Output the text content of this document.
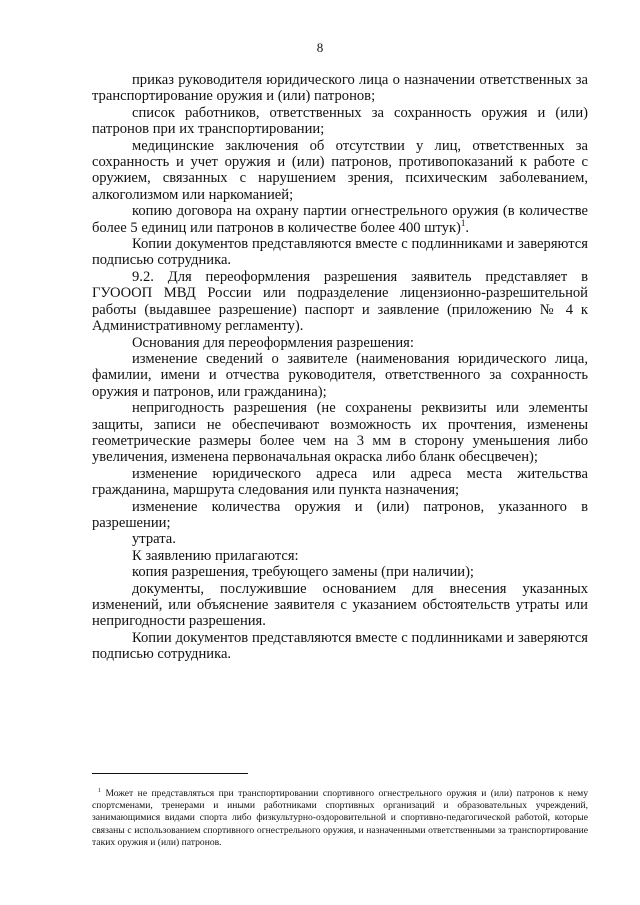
8

приказ руководителя юридического лица о назначении ответственных за транспортирование оружия и (или) патронов;

список работников, ответственных за сохранность оружия и (или) патронов при их транспортировании;

медицинские заключения об отсутствии у лиц, ответственных за сохранность и учет оружия и (или) патронов, противопоказаний к работе с оружием, связанных с нарушением зрения, психическим заболеванием, алкоголизмом или наркоманией;

копию договора на охрану партии огнестрельного оружия (в количестве более 5 единиц или патронов в количестве более 400 штук)$^1$.

Копии документов представляются вместе с подлинниками и заверяются подписью сотрудника.

9.2. Для переоформления разрешения заявитель представляет в ГУОООП МВД России или подразделение лицензионно-разрешительной работы (выдавшее разрешение) паспорт и заявление (приложению № 4 к Административному регламенту).

Основания для переоформления разрешения:

изменение сведений о заявителе (наименования юридического лица, фамилии, имени и отчества руководителя, ответственного за сохранность оружия и патронов, или гражданина);

непригодность разрешения (не сохранены реквизиты или элементы защиты, записи не обеспечивают возможность их прочтения, изменены геометрические размеры более чем на 3 мм в сторону уменьшения либо увеличения, изменена первоначальная окраска либо бланк обесцвечен);

изменение юридического адреса или адреса места жительства гражданина, маршрута следования или пункта назначения;

изменение количества оружия и (или) патронов, указанного в разрешении;

утрата.

К заявлению прилагаются:

копия разрешения, требующего замены (при наличии);

документы, послужившие основанием для внесения указанных изменений, или объяснение заявителя с указанием обстоятельств утраты или непригодности разрешения.

Копии документов представляются вместе с подлинниками и заверяются подписью сотрудника.

$^1$ Может не представляться при транспортировании спортивного огнестрельного оружия и (или) патронов к нему спортсменами, тренерами и иными работниками спортивных организаций и образовательных учреждений, занимающимися видами спорта либо физкультурно-оздоровительной и спортивно-педагогической работой, которые связаны с использованием спортивного огнестрельного оружия, и назначенными ответственными за транспортирование таких оружия и (или) патронов.
